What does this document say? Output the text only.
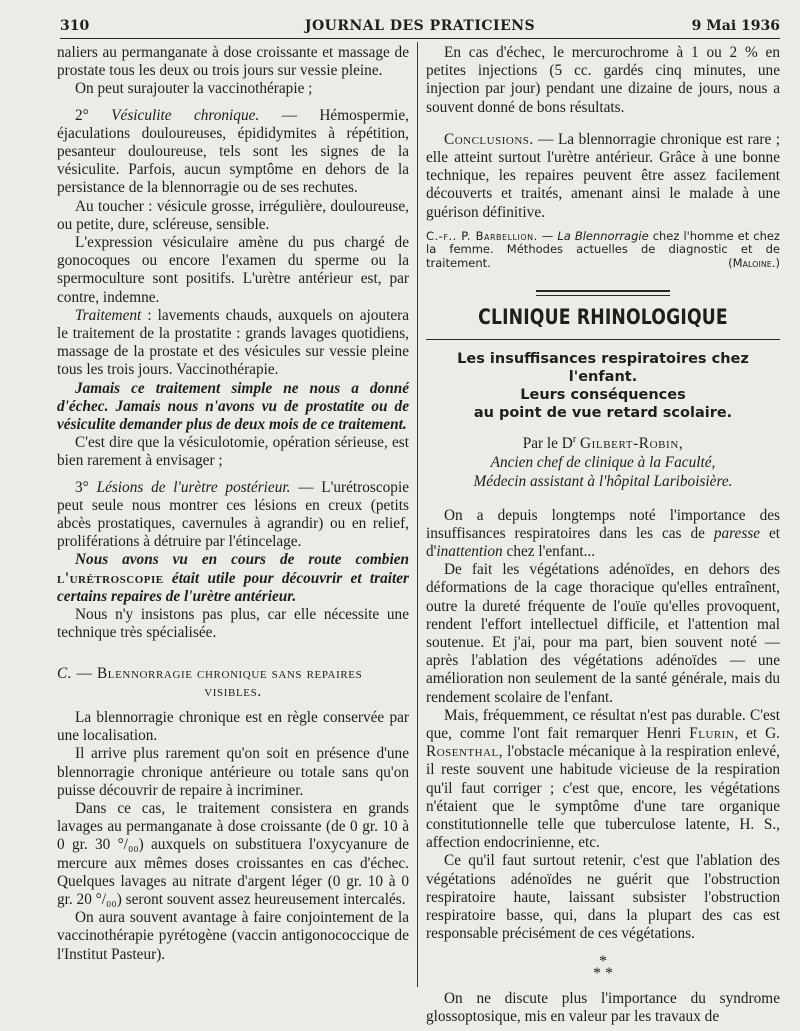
310	JOURNAL DES PRATICIENS	9 Mai 1936

naliers au permanganate à dose croissante et massage de prostate tous les deux ou trois jours sur vessie pleine.

On peut surajouter la vaccinothérapie ;

2° Vésiculite chronique. — Hémospermie, éjaculations douloureuses, épididymites à répétition, pesanteur douloureuse, tels sont les signes de la vésiculite. Parfois, aucun symptôme en dehors de la persistance de la blennorragie ou de ses rechutes.

Au toucher : vésicule grosse, irrégulière, douloureuse, ou petite, dure, scléreuse, sensible.

L'expression vésiculaire amène du pus chargé de gonocoques ou encore l'examen du sperme ou la spermoculture sont positifs. L'urètre antérieur est, par contre, indemne.

Traitement : lavements chauds, auxquels on ajoutera le traitement de la prostatite : grands lavages quotidiens, massage de la prostate et des vésicules sur vessie pleine tous les trois jours. Vaccinothérapie.

Jamais ce traitement simple ne nous a donné d'échec. Jamais nous n'avons vu de prostatite ou de vésiculite demander plus de deux mois de ce traitement.

C'est dire que la vésiculotomie, opération sérieuse, est bien rarement à envisager ;

3° Lésions de l'urètre postérieur. — L'urétroscopie peut seule nous montrer ces lésions en creux (petits abcès prostatiques, cavernules à agrandir) ou en relief, proliférations à détruire par l'étincelage.

Nous avons vu en cours de route combien l'urétroscopie était utile pour découvrir et traiter certains repaires de l'urètre antérieur.

Nous n'y insistons pas plus, car elle nécessite une technique très spécialisée.

C. — Blennorragie chronique sans repaires

visibles.

La blennorragie chronique est en règle conservée par une localisation.

Il arrive plus rarement qu'on soit en présence d'une blennorragie chronique antérieure ou totale sans qu'on puisse découvrir de repaire à incriminer.

Dans ce cas, le traitement consistera en grands lavages au permanganate à dose croissante (de 0 gr. 10 à 0 gr. 30 °/₀₀) auxquels on substituera l'oxycyanure de mercure aux mêmes doses croissantes en cas d'échec. Quelques lavages au nitrate d'argent léger (0 gr. 10 à 0 gr. 20 °/₀₀) seront souvent assez heureusement intercalés.

On aura souvent avantage à faire conjointement de la vaccinothérapie pyrétogène (vaccin antigonococcique de l'Institut Pasteur).

En cas d'échec, le mercurochrome à 1 ou 2 % en petites injections (5 cc. gardés cinq minutes, une injection par jour) pendant une dizaine de jours, nous a souvent donné de bons résultats.

Conclusions. — La blennorragie chronique est rare ; elle atteint surtout l'urètre antérieur. Grâce à une bonne technique, les repaires peuvent être assez facilement découverts et traités, amenant ainsi le malade à une guérison définitive.

C.-f.. P. Barbellion. — La Blennorragie chez l'homme et chez la femme. Méthodes actuelles de diagnostic et de traitement.	(Maloine.)
CLINIQUE RHINOLOGIQUE
Les insuffisances respiratoires chez l'enfant.
Leurs conséquences
au point de vue retard scolaire.
Par le $D^r$ Gilbert-Robin,
Ancien chef de clinique à la Faculté,
Médecin assistant à l'hôpital Lariboisière.

On a depuis longtemps noté l'importance des insuffisances respiratoires dans les cas de paresse et d'inattention chez l'enfant...

De fait les végétations adénoïdes, en dehors des déformations de la cage thoracique qu'elles entraînent, outre la dureté fréquente de l'ouïe qu'elles provoquent, rendent l'effort intellectuel difficile, et l'attention mal soutenue. Et j'ai, pour ma part, bien souvent noté — après l'ablation des végétations adénoïdes — une amélioration non seulement de la santé générale, mais du rendement scolaire de l'enfant.

Mais, fréquemment, ce résultat n'est pas durable. C'est que, comme l'ont fait remarquer Henri Flurin, et G. Rosenthal, l'obstacle mécanique à la respiration enlevé, il reste souvent une habitude vicieuse de la respiration qu'il faut corriger ; c'est que, encore, les végétations n'étaient que le symptôme d'une tare organique constitutionnelle telle que tuberculose latente, H. S., affection endocrinienne, etc.

Ce qu'il faut surtout retenir, c'est que l'ablation des végétations adénoïdes ne guérit que l'obstruction respiratoire haute, laissant subsister l'obstruction respiratoire basse, qui, dans la plupart des cas est responsable précisément de ces végétations.

*
* *

On ne discute plus l'importance du syndrome glossoptosique, mis en valeur par les travaux de
